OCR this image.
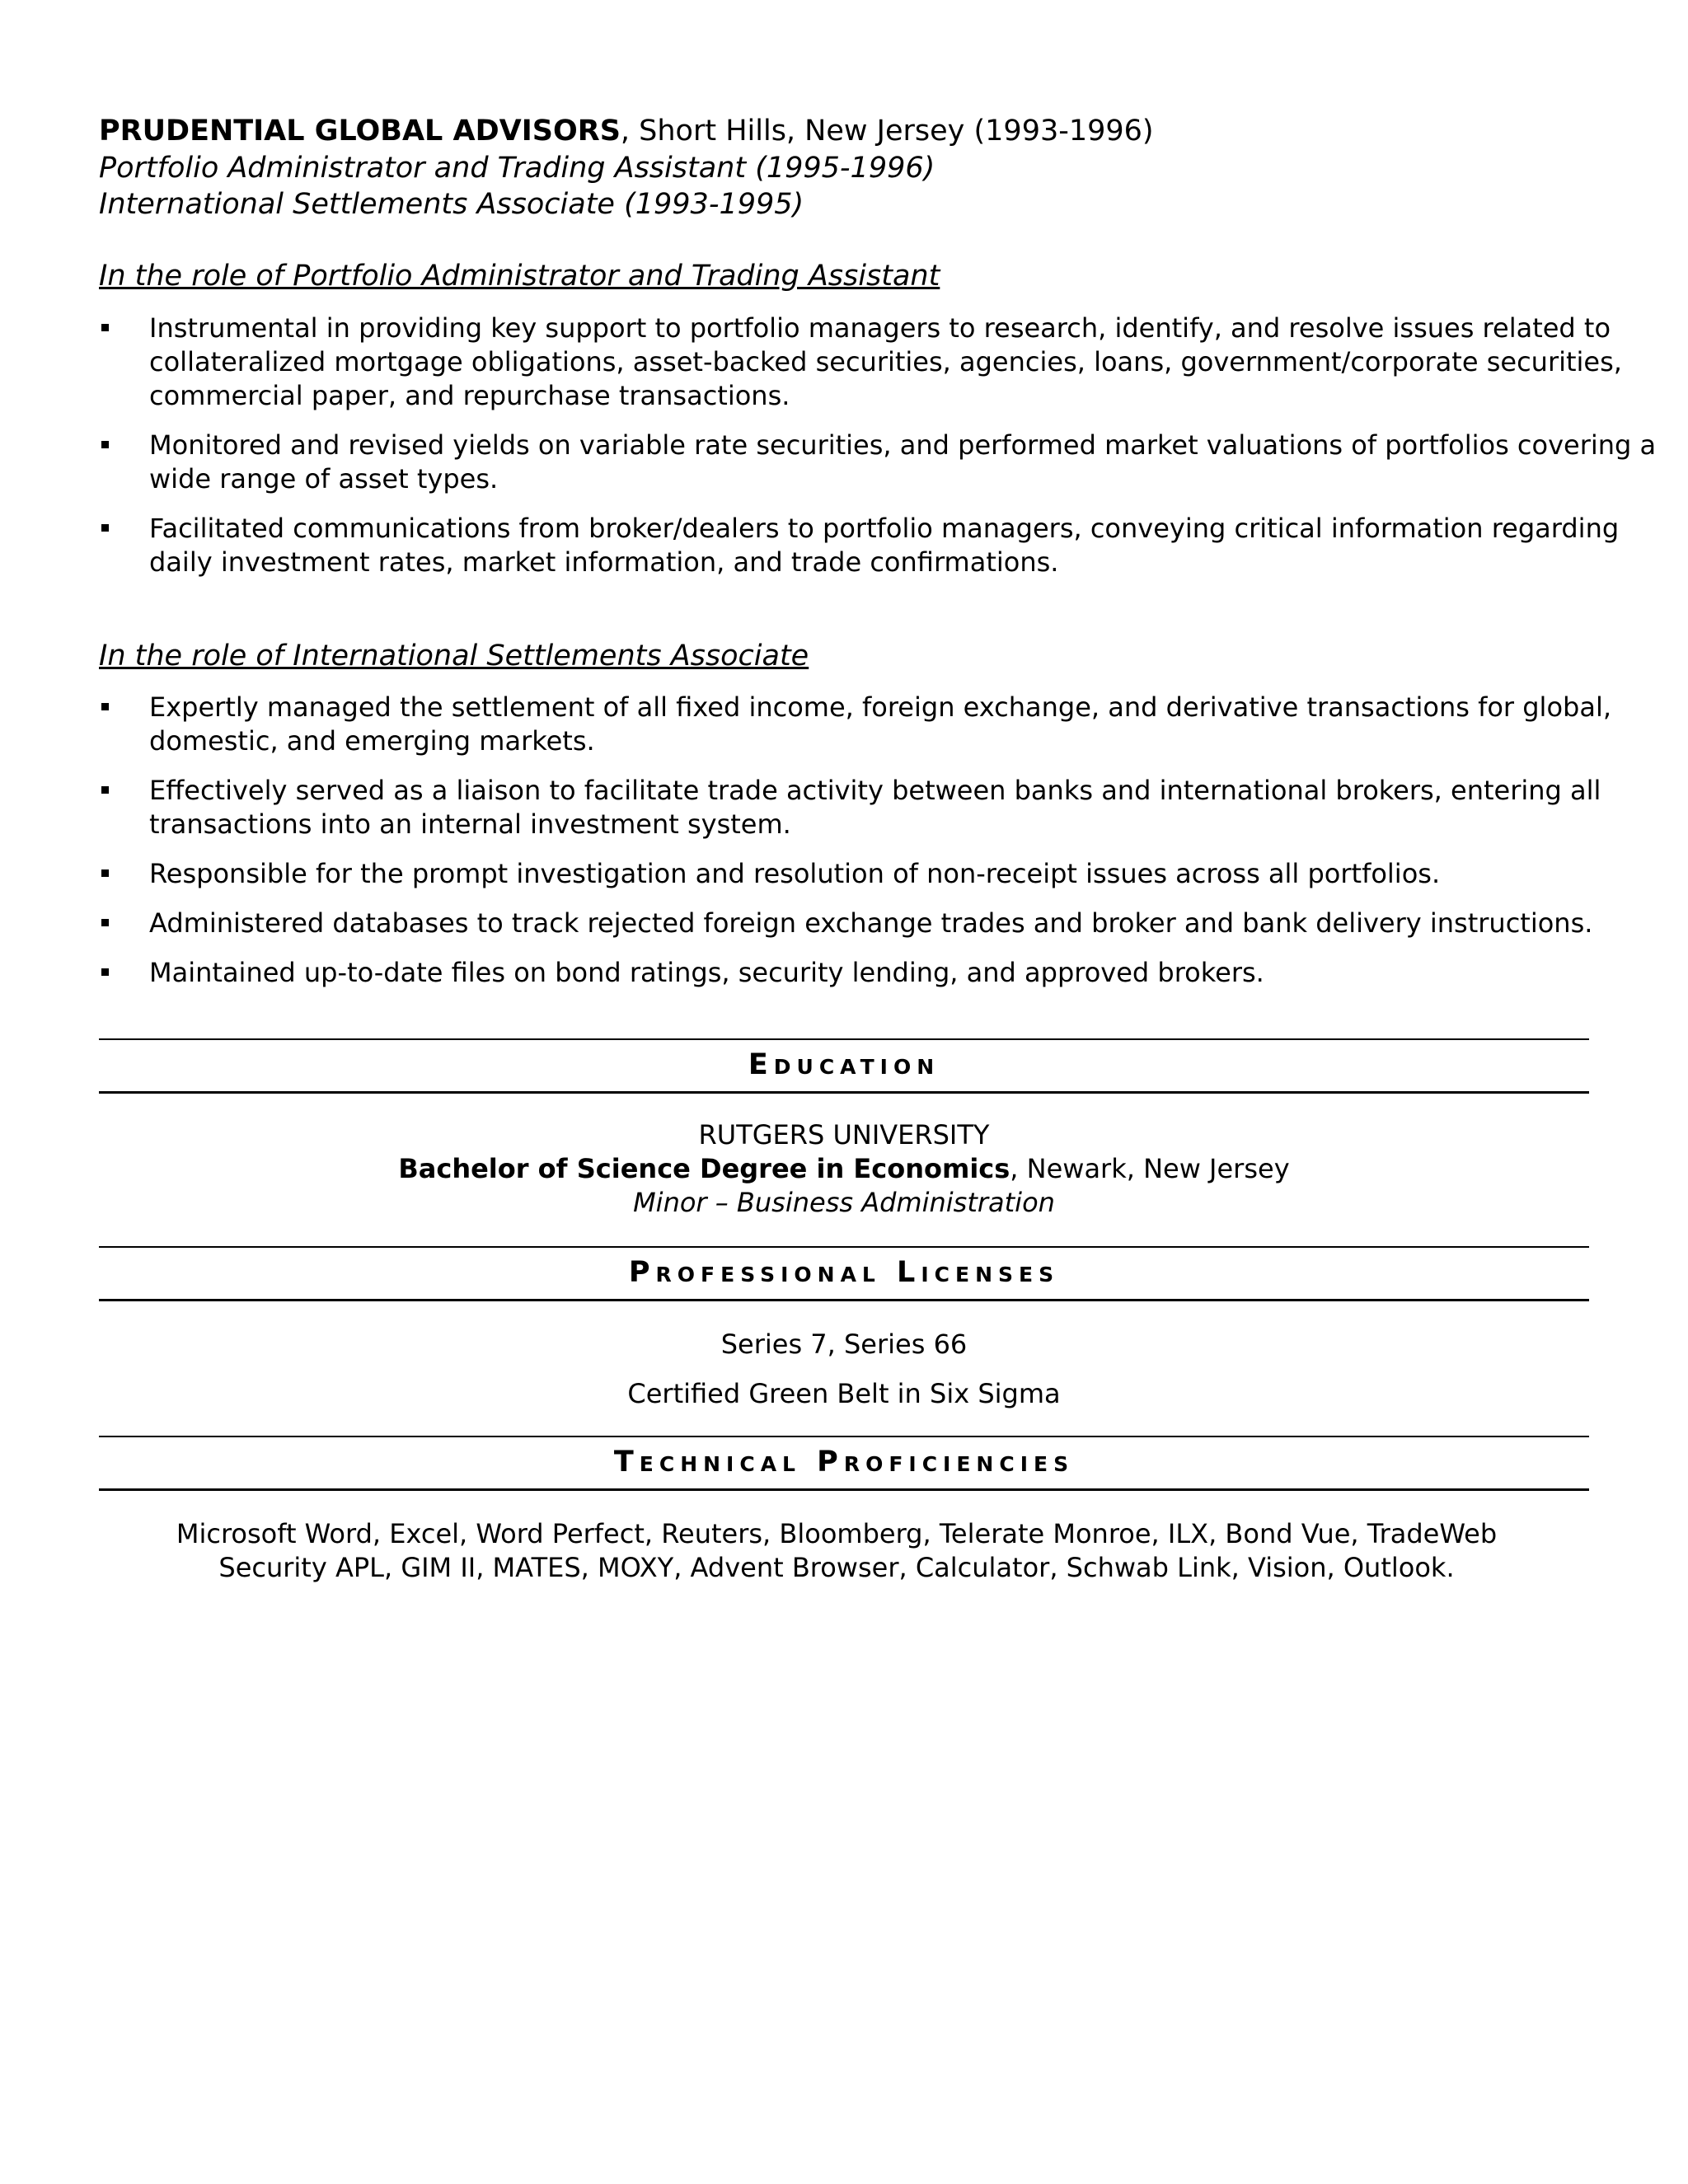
PRUDENTIAL GLOBAL ADVISORS, Short Hills, New Jersey (1993-1996)

Portfolio Administrator and Trading Assistant (1995-1996)

International Settlements Associate (1993-1995)

In the role of Portfolio Administrator and Trading Assistant

Instrumental in providing key support to portfolio managers to research, identify, and resolve issues related to collateralized mortgage obligations, asset-backed securities, agencies, loans, government/corporate securities, commercial paper, and repurchase transactions.
Monitored and revised yields on variable rate securities, and performed market valuations of portfolios covering a wide range of asset types.
Facilitated communications from broker/dealers to portfolio managers, conveying critical information regarding daily investment rates, market information, and trade confirmations.

In the role of International Settlements Associate

Expertly managed the settlement of all fixed income, foreign exchange, and derivative transactions for global, domestic, and emerging markets.
Effectively served as a liaison to facilitate trade activity between banks and international brokers, entering all transactions into an internal investment system.
Responsible for the prompt investigation and resolution of non-receipt issues across all portfolios.
Administered databases to track rejected foreign exchange trades and broker and bank delivery instructions.
Maintained up-to-date files on bond ratings, security lending, and approved brokers.
Education
RUTGERS UNIVERSITY
Bachelor of Science Degree in Economics, Newark, New Jersey
Minor – Business Administration
Professional Licenses
Series 7, Series 66
Certified Green Belt in Six Sigma
Technical Proficiencies
Microsoft Word, Excel, Word Perfect, Reuters, Bloomberg, Telerate Monroe, ILX, Bond Vue, TradeWeb
Security APL, GIM II, MATES, MOXY, Advent Browser, Calculator, Schwab Link, Vision, Outlook.
